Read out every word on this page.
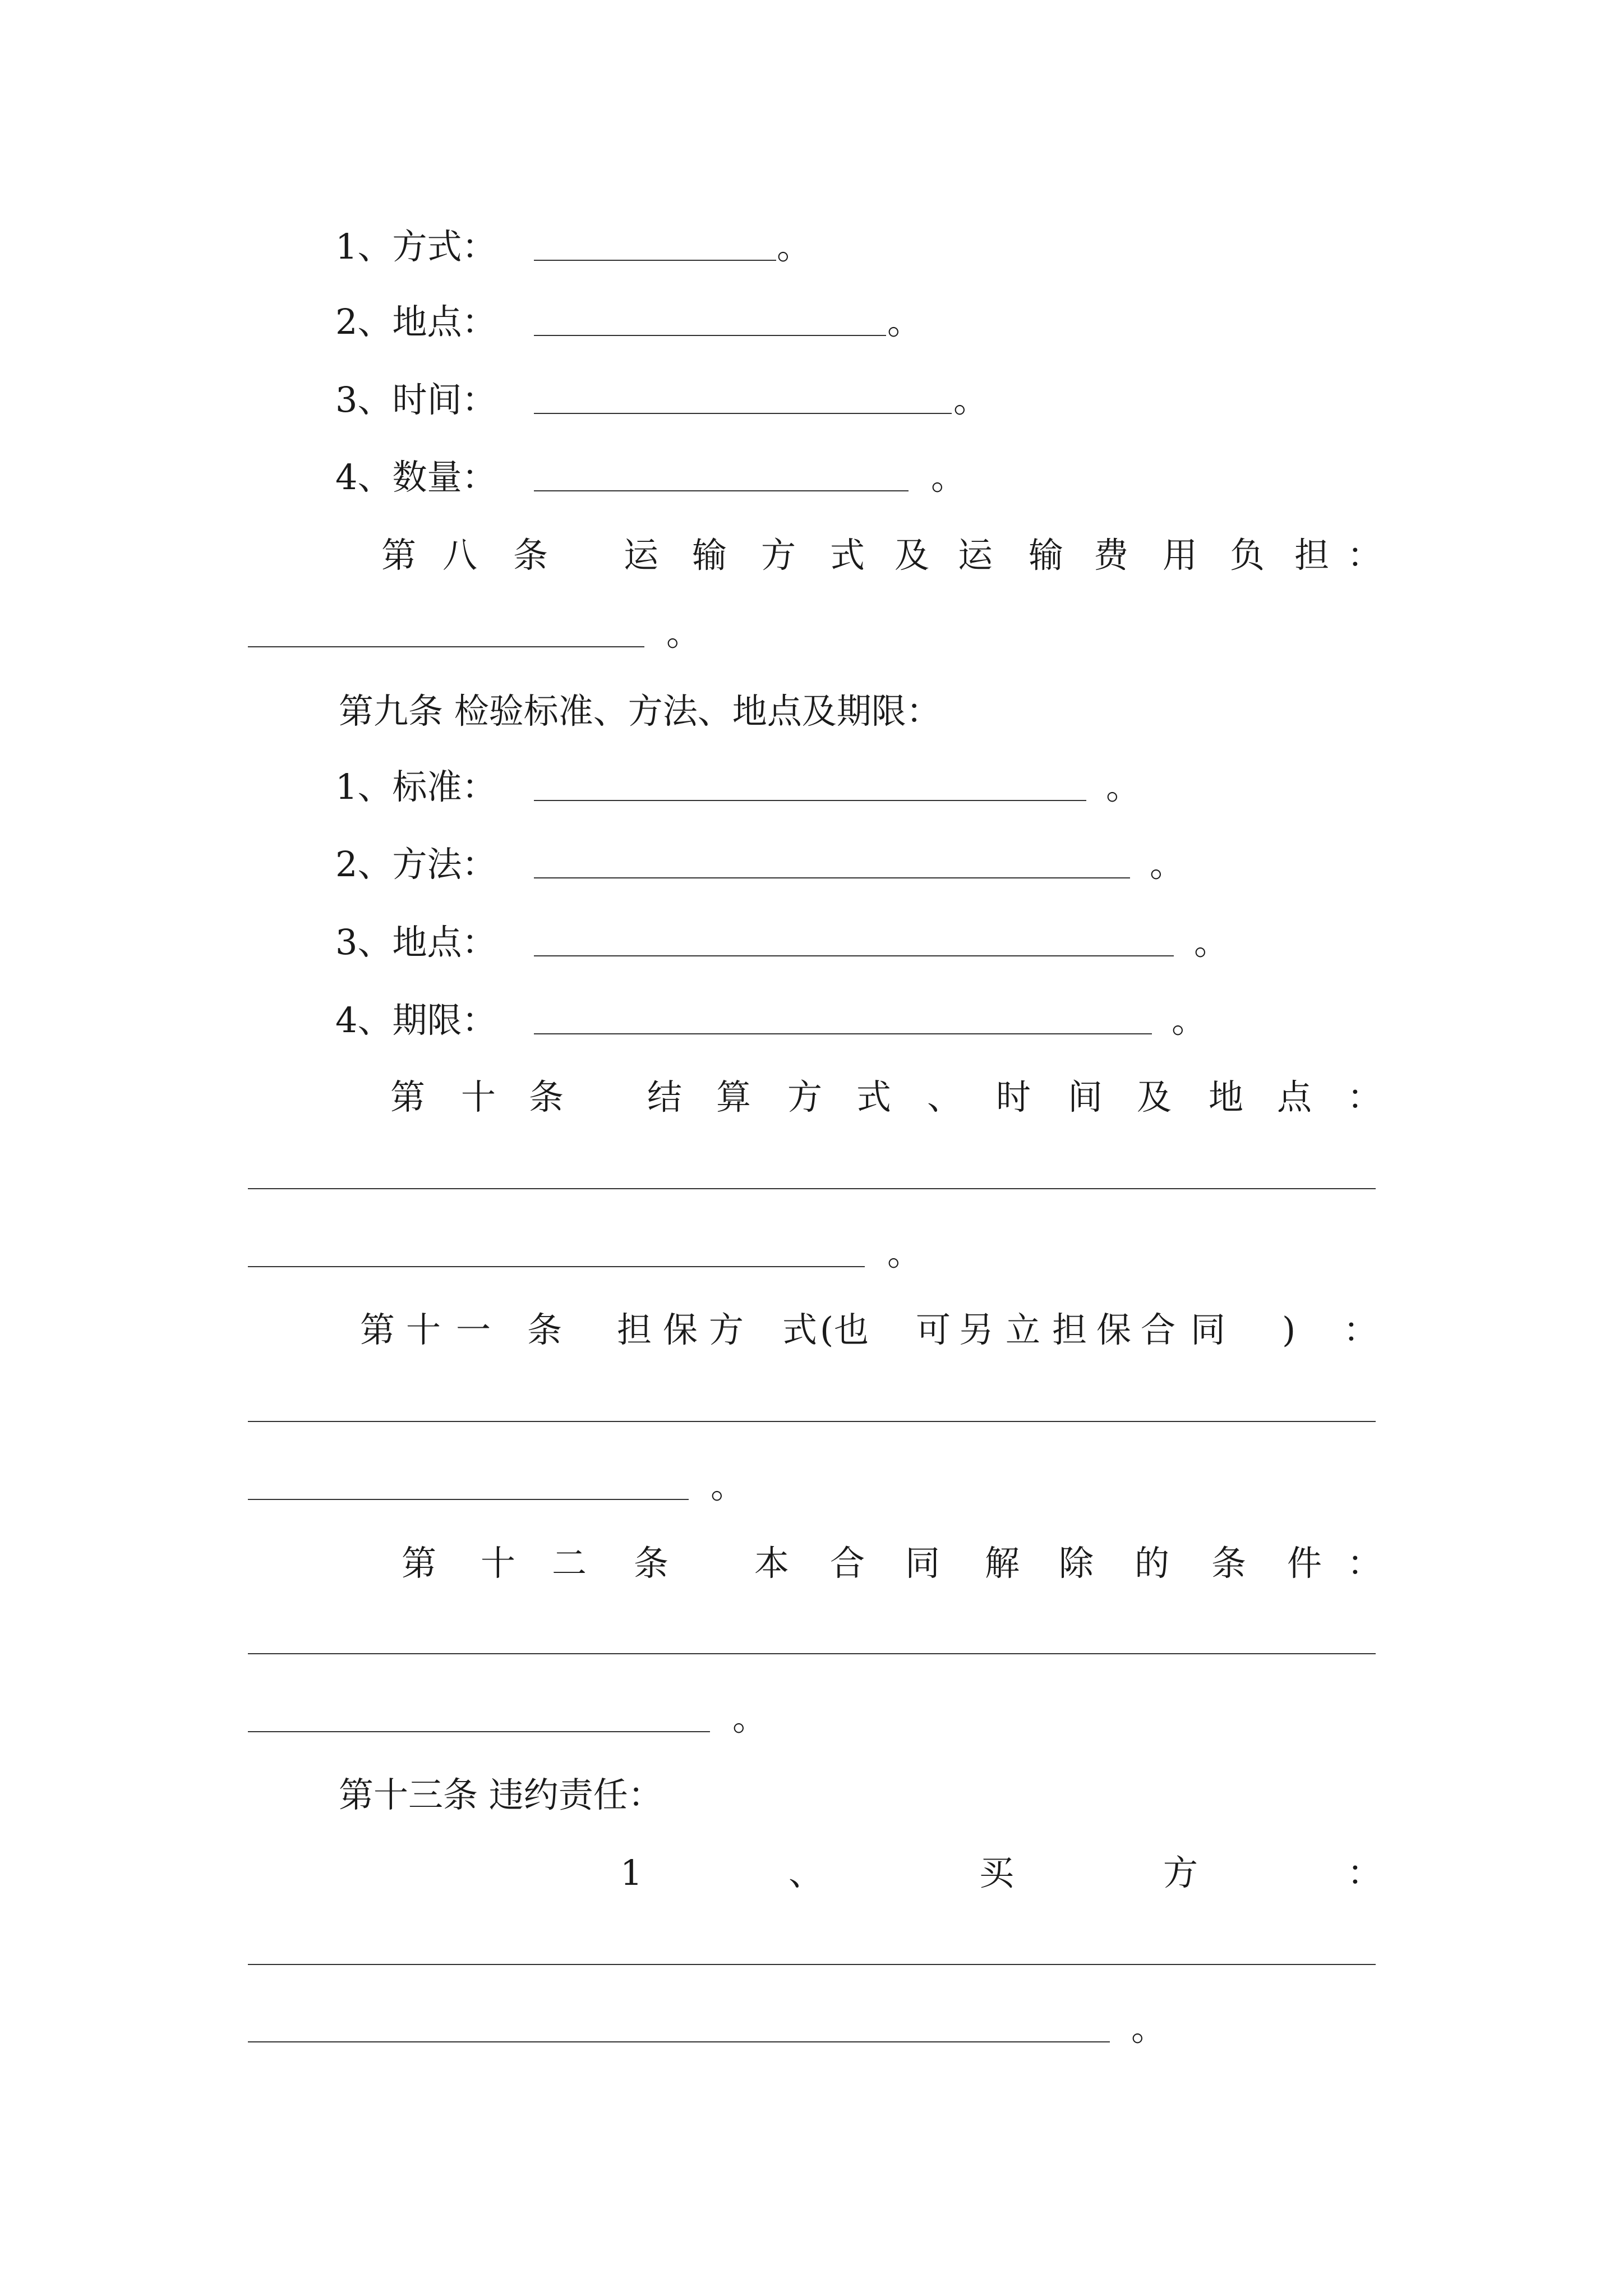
1、方式：	。
2、地点：	。
3、时间：	。
4、数量：	。
第 八 条 运 输 方 式 及 运 输 费 用 负 担 ：
。
第九条 检验标准、方法、地点及期限：
1、标准：	。
2、方法：	。
3、地点：	。
4、期限：	。
第 十 条 结 算 方 式 、 时 间 及 地 点 ：
。
第 十 一 条 担 保 方 式 ( 也 可 另 立 担 保 合 同 ) ：
。
第 十 二 条 本 合 同 解 除 的 条 件 ：
。
第十三条 违约责任：
1	、	买	方	：
。
